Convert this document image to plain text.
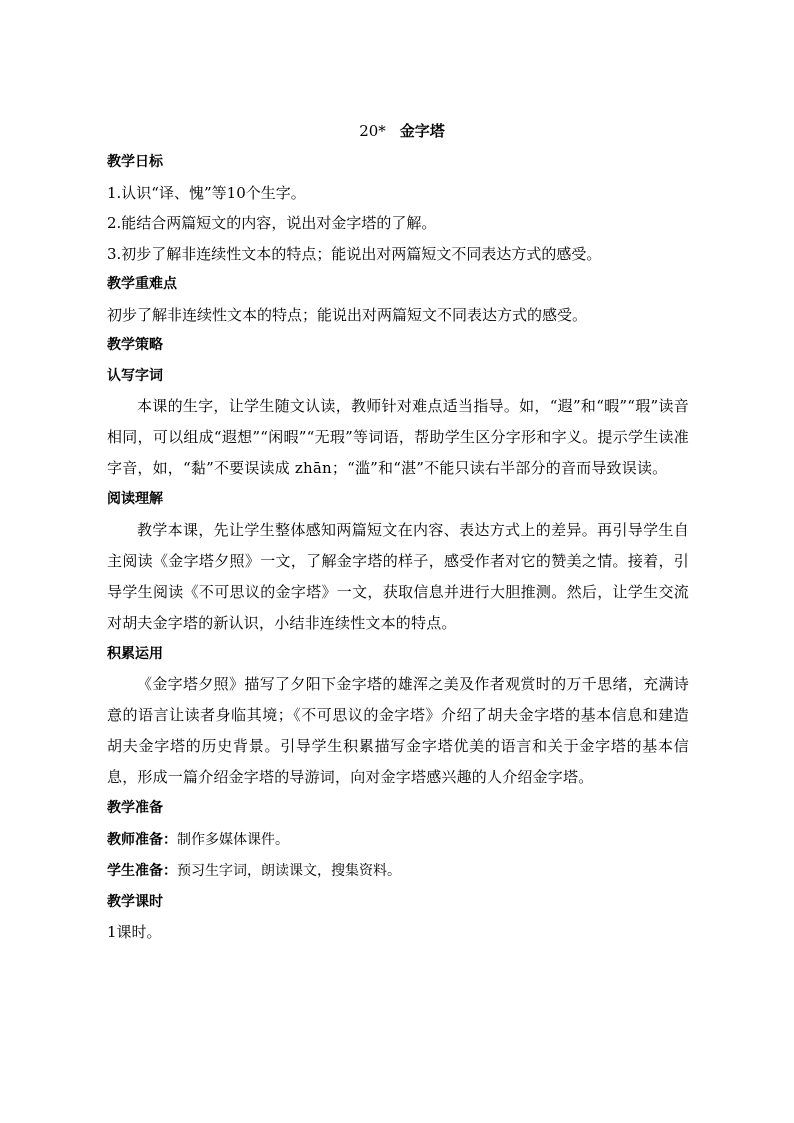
20* 金字塔
教学日标
1.认识“译、愧”等10个生字。
2.能结合两篇短文的内容，说出对金字塔的了解。
3.初步了解非连续性文本的特点；能说出对两篇短文不同表达方式的感受。
教学重难点
初步了解非连续性文本的特点；能说出对两篇短文不同表达方式的感受。
教学策略
认写字词
本课的生字，让学生随文认读，教师针对难点适当指导。如，“遐”和“暇”“瑕”读音相同，可以组成“遐想”“闲暇”“无瑕”等词语，帮助学生区分字形和字义。提示学生读准字音，如，“黏”不要误读成 zhān；“滥”和“湛”不能只读右半部分的音而导致误读。
阅读理解
教学本课，先让学生整体感知两篇短文在内容、表达方式上的差异。再引导学生自主阅读《金字塔夕照》一文，了解金字塔的样子，感受作者对它的赞美之情。接着，引导学生阅读《不可思议的金字塔》一文，获取信息并进行大胆推测。然后，让学生交流对胡夫金字塔的新认识，小结非连续性文本的特点。
积累运用
《金字塔夕照》描写了夕阳下金字塔的雄浑之美及作者观赏时的万千思绪，充满诗意的语言让读者身临其境；《不可思议的金字塔》介绍了胡夫金字塔的基本信息和建造胡夫金字塔的历史背景。引导学生积累描写金字塔优美的语言和关于金字塔的基本信息，形成一篇介绍金字塔的导游词，向对金字塔感兴趣的人介绍金字塔。
教学准备
教师准备：制作多媒体课件。
学生准备：预习生字词，朗读课文，搜集资料。
教学课时
1课时。
